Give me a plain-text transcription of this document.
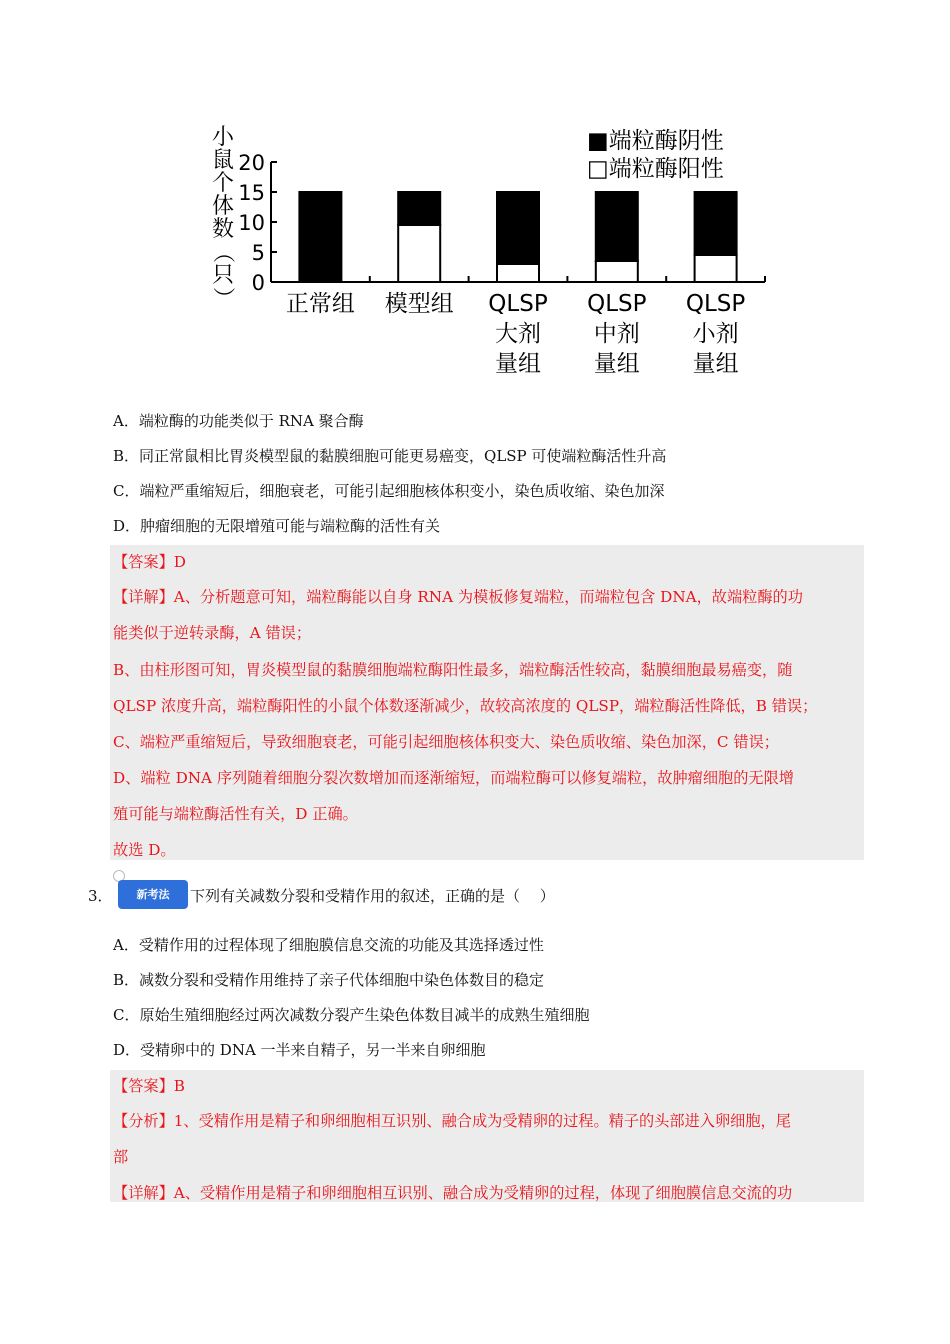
20
15
10
5
0
小
鼠
个
体
数
（
只
） 正常组 模型组 QLSP
大剂
量组
QLSP
中剂
量组
QLSP
小剂
量组
■端粒酶阴性
□端粒酶阳性
A．端粒酶的功能类似于 RNA 聚合酶
B．同正常鼠相比胃炎模型鼠的黏膜细胞可能更易癌变，QLSP 可使端粒酶活性升高
C．端粒严重缩短后，细胞衰老，可能引起细胞核体积变小，染色质收缩、染色加深
D．肿瘤细胞的无限增殖可能与端粒酶的活性有关
【答案】D
【详解】A、分析题意可知，端粒酶能以自身 RNA 为模板修复端粒，而端粒包含 DNA，故端粒酶的功
能类似于逆转录酶，A 错误；
B、由柱形图可知，胃炎模型鼠的黏膜细胞端粒酶阳性最多，端粒酶活性较高，黏膜细胞最易癌变，随
QLSP 浓度升高，端粒酶阳性的小鼠个体数逐渐减少，故较高浓度的 QLSP，端粒酶活性降低，B 错误；
C、端粒严重缩短后，导致细胞衰老，可能引起细胞核体积变大、染色质收缩、染色加深，C 错误；
D、端粒 DNA 序列随着细胞分裂次数增加而逐渐缩短，而端粒酶可以修复端粒，故肿瘤细胞的无限增
殖可能与端粒酶活性有关，D 正确。
故选 D。
3．	新考法	下列有关减数分裂和受精作用的叙述，正确的是（　 ）
A．受精作用的过程体现了细胞膜信息交流的功能及其选择透过性
B．减数分裂和受精作用维持了亲子代体细胞中染色体数目的稳定
C．原始生殖细胞经过两次减数分裂产生染色体数目减半的成熟生殖细胞
D．受精卵中的 DNA 一半来自精子，另一半来自卵细胞
【答案】B
【分析】1、受精作用是精子和卵细胞相互识别、融合成为受精卵的过程。精子的头部进入卵细胞，尾
部
【详解】A、受精作用是精子和卵细胞相互识别、融合成为受精卵的过程，体现了细胞膜信息交流的功
